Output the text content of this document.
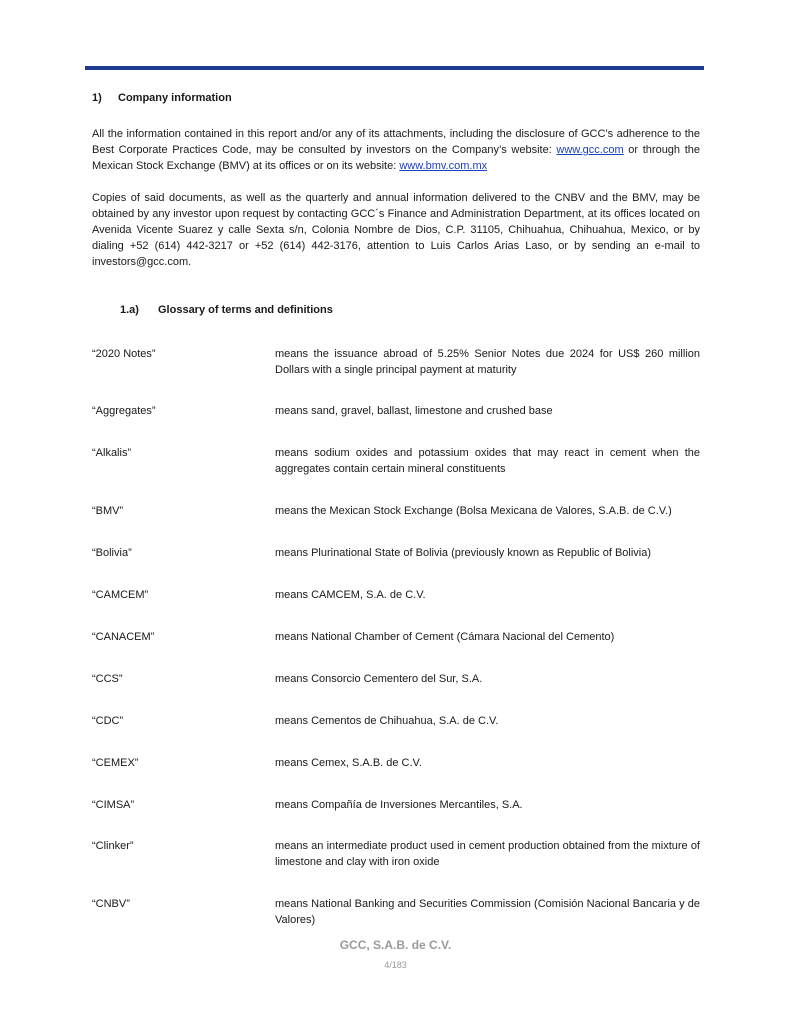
1) Company information
All the information contained in this report and/or any of its attachments, including the disclosure of GCC’s adherence to the Best Corporate Practices Code, may be consulted by investors on the Company’s website: www.gcc.com or through the Mexican Stock Exchange (BMV) at its offices or on its website: www.bmv.com.mx
Copies of said documents, as well as the quarterly and annual information delivered to the CNBV and the BMV, may be obtained by any investor upon request by contacting GCC´s Finance and Administration Department, at its offices located on Avenida Vicente Suarez y calle Sexta s/n, Colonia Nombre de Dios, C.P. 31105, Chihuahua, Chihuahua, Mexico, or by dialing +52 (614) 442-3217 or +52 (614) 442-3176, attention to Luis Carlos Arias Laso, or by sending an e-mail to investors@gcc.com.
1.a) Glossary of terms and definitions
“2020 Notes”	means the issuance abroad of 5.25% Senior Notes due 2024 for US$ 260 million Dollars with a single principal payment at maturity
“Aggregates”	means sand, gravel, ballast, limestone and crushed base
“Alkalis”	means sodium oxides and potassium oxides that may react in cement when the aggregates contain certain mineral constituents
“BMV”	means the Mexican Stock Exchange (Bolsa Mexicana de Valores, S.A.B. de C.V.)
“Bolivia”	means Plurinational State of Bolivia (previously known as Republic of Bolivia)
“CAMCEM”	means CAMCEM, S.A. de C.V.
“CANACEM”	means National Chamber of Cement (Cámara Nacional del Cemento)
“CCS”	means Consorcio Cementero del Sur, S.A.
“CDC”	means Cementos de Chihuahua, S.A. de C.V.
“CEMEX”	means Cemex, S.A.B. de C.V.
“CIMSA”	means Compañía de Inversiones Mercantiles, S.A.
“Clinker”	means an intermediate product used in cement production obtained from the mixture of limestone and clay with iron oxide
“CNBV”	means National Banking and Securities Commission (Comisión Nacional Bancaria y de Valores)
GCC, S.A.B. de C.V.
4/183
